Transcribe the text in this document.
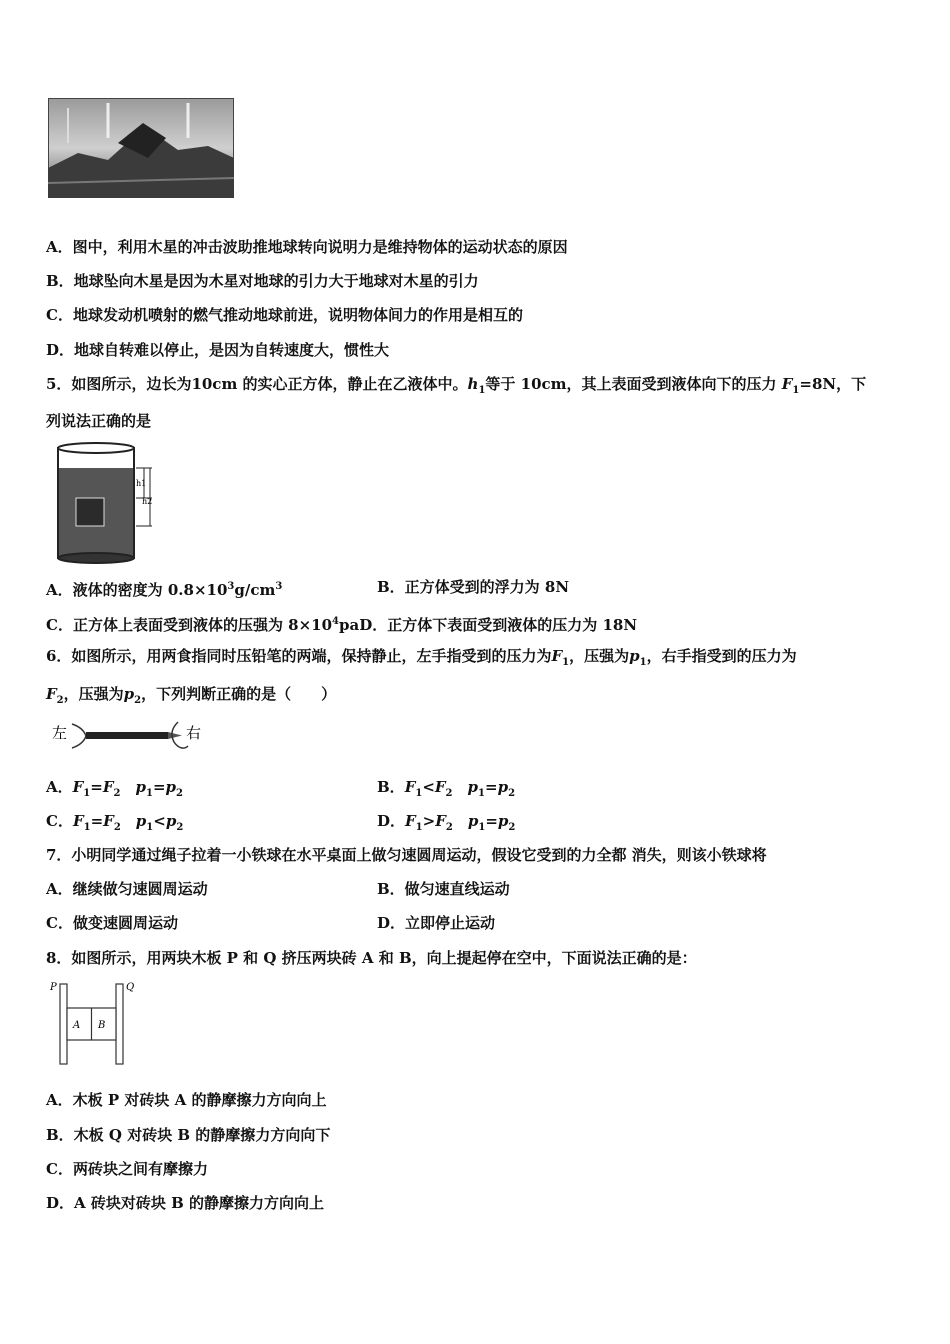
A．图中，利用木星的冲击波助推地球转向说明力是维持物体的运动状态的原因
B．地球坠向木星是因为木星对地球的引力大于地球对木星的引力
C．地球发动机喷射的燃气推动地球前进，说明物体间力的作用是相互的
D．地球自转难以停止，是因为自转速度大，惯性大
5．如图所示，边长为10cm 的实心正方体，静止在乙液体中。$h_1$等于 10cm，其上表面受到液体向下的压力 $F_1=8N$，下
列说法正确的是
h1
h2
A．液体的密度为 $0.8\times 10^3g/cm^3$	B．正方体受到的浮力为 8N
C．正方体上表面受到液体的压强为 $8\times 10^4paD$．正方体下表面受到液体的压力为 18N
6．如图所示，用两食指同时压铅笔的两端，保持静止，左手指受到的压力为$F_1$，压强为$p_1$，右手指受到的压力为
$F_2$，压强为$p_2$，下列判断正确的是（　　）
左	右
A．$F_1=F_2$　 $p_1=p_2$	B．$F_1<F_2$　 $p_1=p_2$
C．$F_1=F_2$　 $p_1<p_2$	D．$F_1>F_2$　 $p_1=p_2$
7．小明同学通过绳子拉着一小铁球在水平桌面上做匀速圆周运动，假设它受到的力全都 消失，则该小铁球将
A．继续做匀速圆周运动	B．做匀速直线运动
C．做变速圆周运动	D．立即停止运动
8．如图所示，用两块木板 P 和 Q 挤压两块砖 A 和 B，向上提起停在空中，下面说法正确的是：
P	Q
A B
A．木板 P 对砖块 A 的静摩擦力方向向上
B．木板 Q 对砖块 B 的静摩擦力方向向下
C．两砖块之间有摩擦力
D．A 砖块对砖块 B 的静摩擦力方向向上
